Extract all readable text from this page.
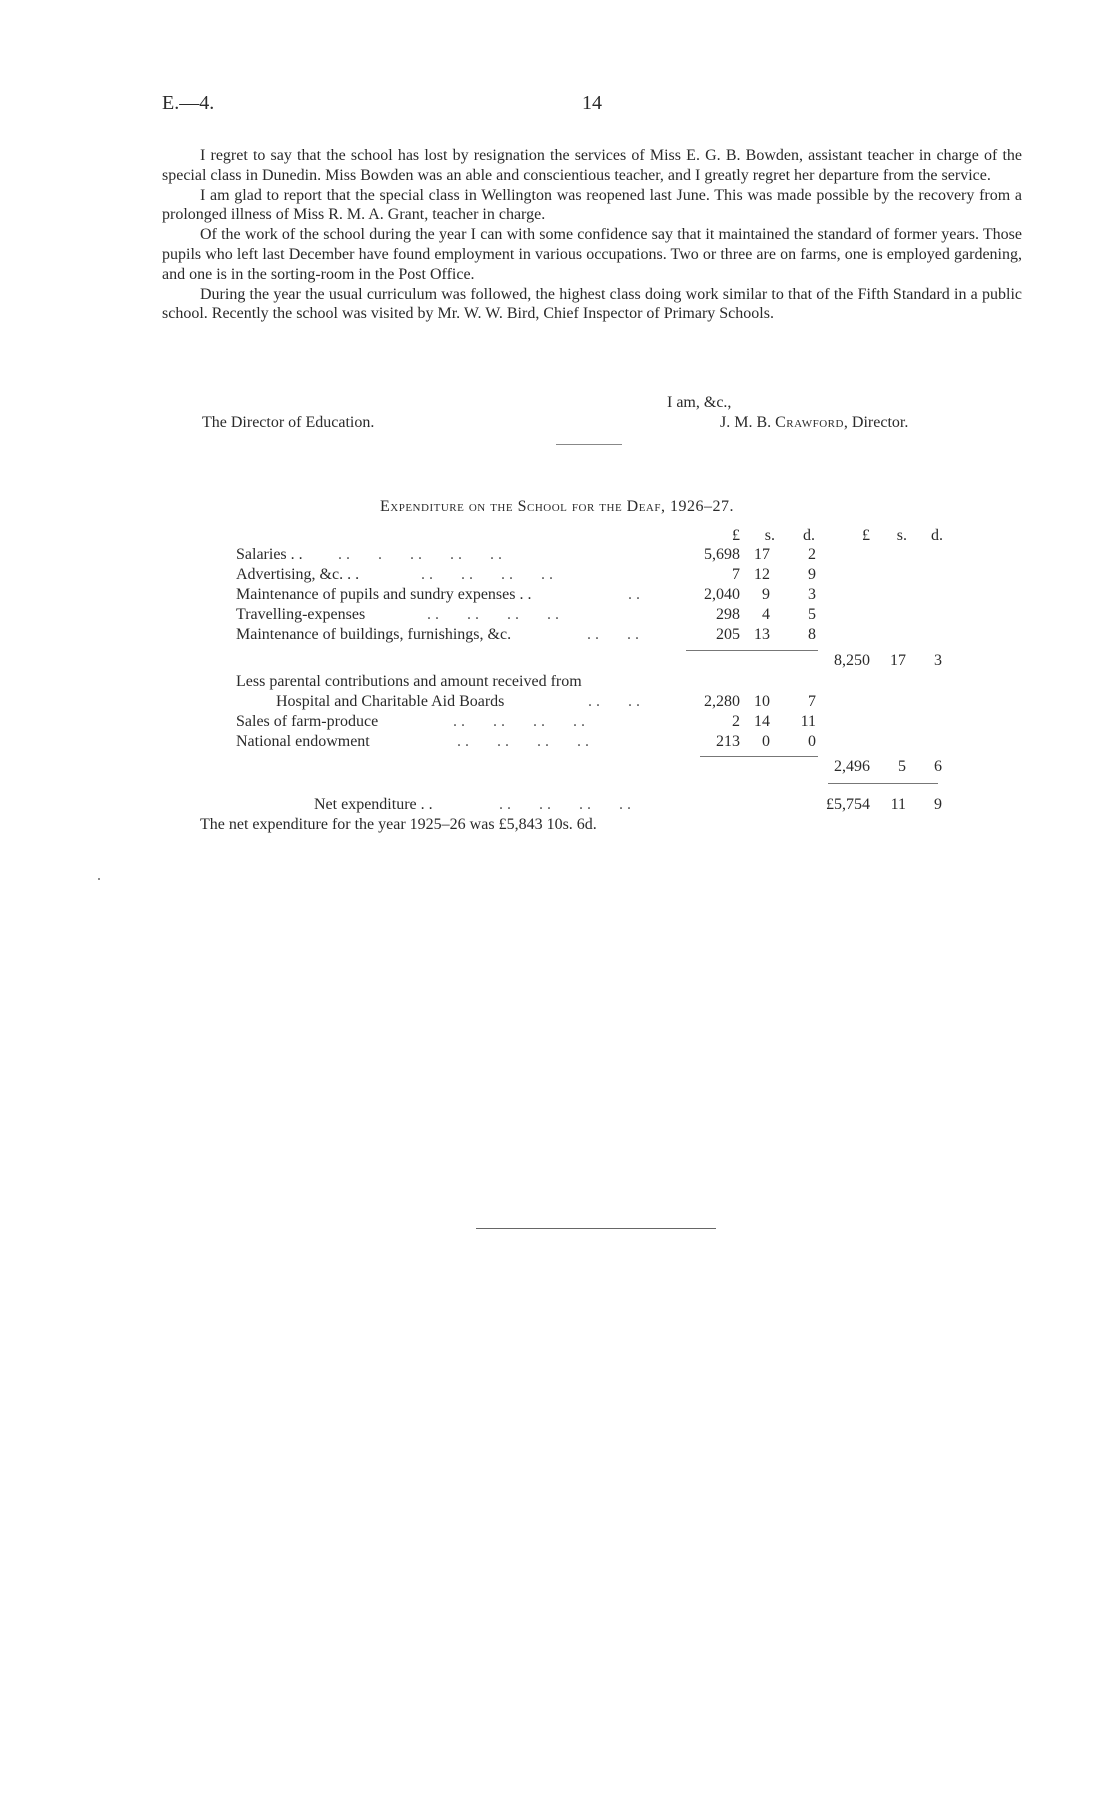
E.—4.	14

I regret to say that the school has lost by resignation the services of Miss E. G. B. Bowden, assistant teacher in charge of the special class in Dunedin. Miss Bowden was an able and conscientious teacher, and I greatly regret her departure from the service.

I am glad to report that the special class in Wellington was reopened last June. This was made possible by the recovery from a prolonged illness of Miss R. M. A. Grant, teacher in charge.

Of the work of the school during the year I can with some confidence say that it maintained the standard of former years. Those pupils who left last December have found employment in various occupations. Two or three are on farms, one is employed gardening, and one is in the sorting-room in the Post Office.

During the year the usual curriculum was followed, the highest class doing work similar to that of the Fifth Standard in a public school. Recently the school was visited by Mr. W. W. Bird, Chief Inspector of Primary Schools.

I am, &c.,
The Director of Education.	J. M. B. Crawford, Director.
Expenditure on the School for the Deaf, 1926–27.
£	s.	d.	£	s.	d.
Salaries . . . .       .       . .       . .       . .	5,698 17	2
Advertising, &c. . .	. .       . .       . .       . .	7 12	9
Maintenance of pupils and sundry expenses . .	. .	2,040	9	3
Travelling-expenses . .       . .       . .       . .	298	4	5
Maintenance of buildings, furnishings, &c.	. .       . .	205 13	8
8,250	17	3
Less parental contributions and amount received from
Hospital and Charitable Aid Boards	. .       . .	2,280 10	7
Sales of farm-produce	. .       . .       . .       . .	2 14	11
National endowment	. .       . .       . .       . .	213	0	0
2,496	5	6
Net expenditure . .	. .       . .       . .       . .	£5,754	11	9
The net expenditure for the year 1925–26 was £5,843 10s. 6d.
